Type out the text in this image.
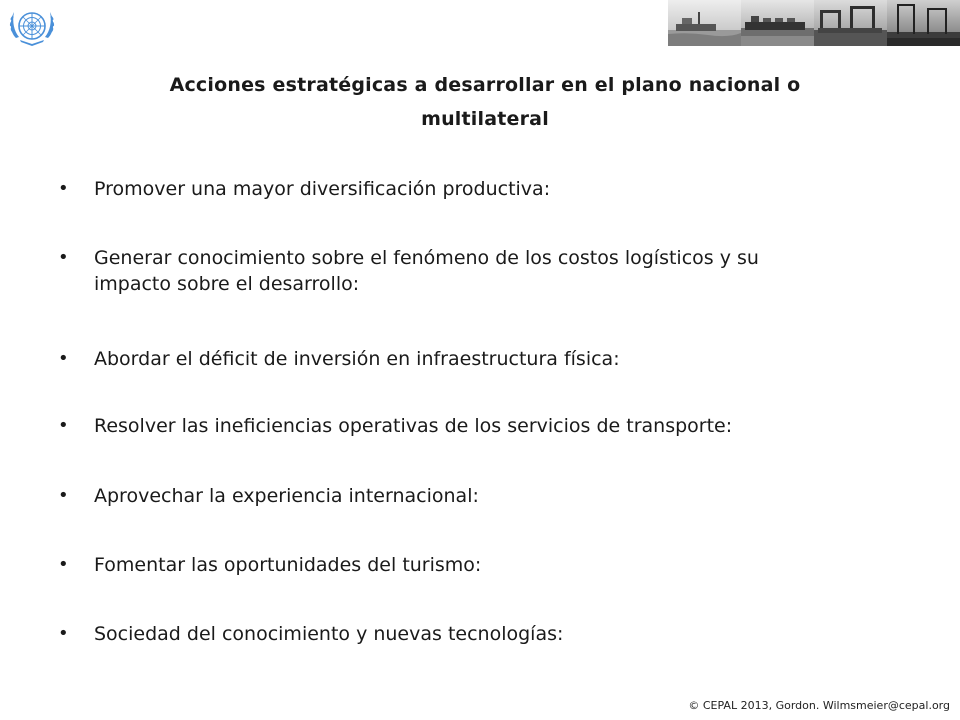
Acciones estratégicas a desarrollar en el plano nacional o
multilateral
•	Promover una mayor diversificación productiva:
•	Generar conocimiento sobre el fenómeno de los costos logísticos y su
impacto sobre el desarrollo:
•	Abordar el déficit de inversión en infraestructura física:
•	Resolver las ineficiencias operativas de los servicios de transporte:
•	Aprovechar la experiencia internacional:
•	Fomentar las oportunidades del turismo:
•	Sociedad del conocimiento y nuevas tecnologías:
© CEPAL 2013, Gordon. Wilmsmeier@cepal.org
